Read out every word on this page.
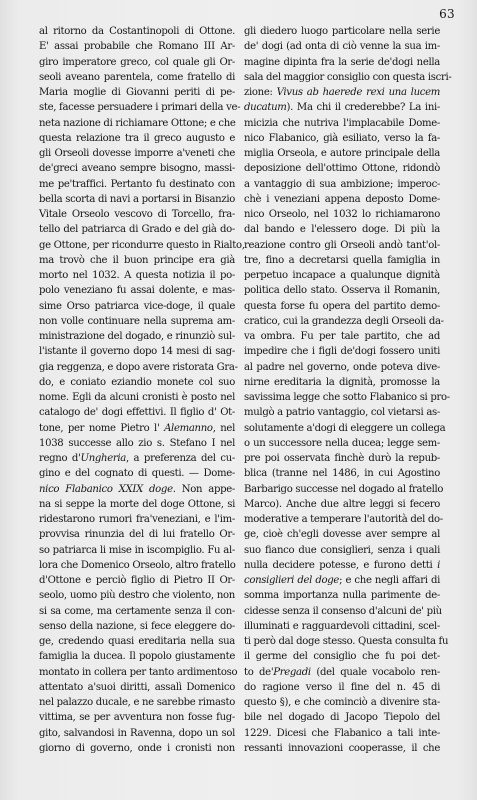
63
al ritorno da Costantinopoli di Ottone.
E' assai probabile che Romano III Ar-
giro imperatore greco, col quale gli Or-
seoli aveano parentela, come fratello di
Maria moglie di Giovanni periti di pe-
ste, facesse persuadere i primari della ve-
neta nazione di richiamare Ottone; e che
questa relazione tra il greco augusto e
gli Orseoli dovesse imporre a'veneti che
de'greci aveano sempre bisogno, massi-
me pe'traffici. Pertanto fu destinato con
bella scorta di navi a portarsi in Bisanzio
Vitale Orseolo vescovo di Torcello, fra-
tello del patriarca di Grado e del già do-
ge Ottone, per ricondurre questo in Rialto,
ma trovò che il buon principe era già
morto nel 1032. A questa notizia il po-
polo veneziano fu assai dolente, e mas-
sime Orso patriarca vice-doge, il quale
non volle continuare nella suprema am-
ministrazione del dogado, e rinunziò sul-
l'istante il governo dopo 14 mesi di sag-
gia reggenza, e dopo avere ristorata Gra-
do, e coniato eziandio monete col suo
nome. Egli da alcuni cronisti è posto nel
catalogo de' dogi effettivi. Il figlio d' Ot-
tone, per nome Pietro l' Alemanno, nel
1038 successe allo zio s. Stefano I nel
regno d'Ungheria, a preferenza del cu-
gino e del cognato di questi. — Dome-
nico Flabanico XXIX doge. Non appe-
na si seppe la morte del doge Ottone, si
ridestarono rumori fra'veneziani, e l'im-
provvisa rinunzia del di lui fratello Or-
so patriarca li mise in iscompiglio. Fu al-
lora che Domenico Orseolo, altro fratello
d'Ottone e perciò figlio di Pietro II Or-
seolo, uomo più destro che violento, non
si sa come, ma certamente senza il con-
senso della nazione, si fece eleggere do-
ge, credendo quasi ereditaria nella sua
famiglia la ducea. Il popolo giustamente
montato in collera per tanto ardimentoso
attentato a'suoi diritti, assalì Domenico
nel palazzo ducale, e ne sarebbe rimasto
vittima, se per avventura non fosse fug-
gito, salvandosi in Ravenna, dopo un sol
giorno di governo, onde i cronisti non
gli diedero luogo particolare nella serie
de' dogi (ad onta di ciò venne la sua im-
magine dipinta fra la serie de'dogi nella
sala del maggior consiglio con questa iscri-
zione: Vivus ab haerede rexi una lucem
ducatum). Ma chi il crederebbe? La ini-
micizia che nutriva l'implacabile Dome-
nico Flabanico, già esiliato, verso la fa-
miglia Orseola, e autore principale della
deposizione dell'ottimo Ottone, ridondò
a vantaggio di sua ambizione; imperoc-
chè i veneziani appena deposto Dome-
nico Orseolo, nel 1032 lo richiamarono
dal bando e l'elessero doge. Di più la
reazione contro gli Orseoli andò tant'ol-
tre, fino a decretarsi quella famiglia in
perpetuo incapace a qualunque dignità
politica dello stato. Osserva il Romanin,
questa forse fu opera del partito demo-
cratico, cui la grandezza degli Orseoli da-
va ombra. Fu per tale partito, che ad
impedire che i figli de'dogi fossero uniti
al padre nel governo, onde poteva dive-
nirne ereditaria la dignità, promosse la
savissima legge che sotto Flabanico si pro-
mulgò a patrio vantaggio, col vietarsi as-
solutamente a'dogi di eleggere un collega
o un successore nella ducea; legge sem-
pre poi osservata finchè durò la repub-
blica (tranne nel 1486, in cui Agostino
Barbarigo successe nel dogado al fratello
Marco). Anche due altre leggi si fecero
moderative a temperare l'autorità del do-
ge, cioè ch'egli dovesse aver sempre al
suo fianco due consiglieri, senza i quali
nulla decidere potesse, e furono detti i
consiglieri del doge; e che negli affari di
somma importanza nulla parimente de-
cidesse senza il consenso d'alcuni de' più
illuminati e ragguardevoli cittadini, scel-
ti però dal doge stesso. Questa consulta fu
il germe del consiglio che fu poi det-
to de'Pregadi (del quale vocabolo ren-
do ragione verso il fine del n. 45 di
questo §), e che cominciò a divenire sta-
bile nel dogado di Jacopo Tiepolo del
1229. Dicesi che Flabanico a tali inte-
ressanti innovazioni cooperasse, il che
